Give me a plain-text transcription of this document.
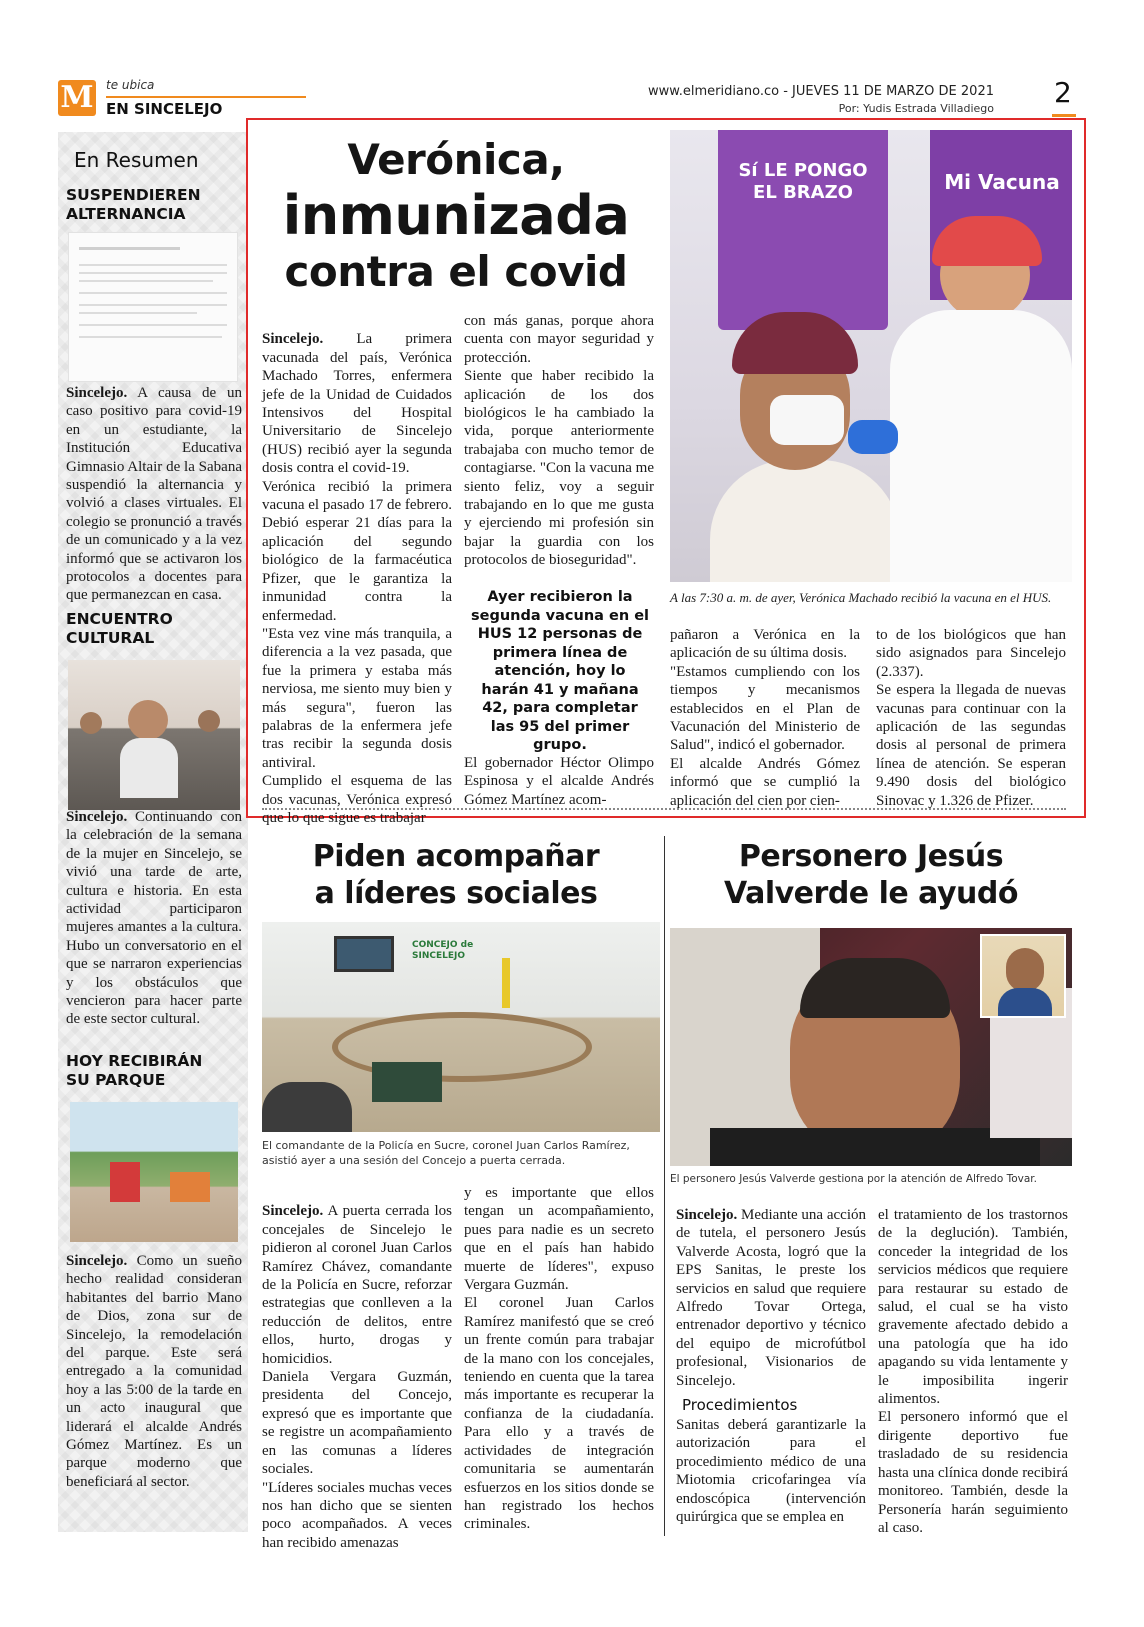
M te ubica
EN SINCELEJO
www.elmeridiano.co - JUEVES 11 DE MARZO DE 2021
Por: Yudis Estrada Villadiego 2
En Resumen
SUSPENDIEREN
ALTERNANCIA

Sincelejo. A causa de un caso positivo para covid-19 en un estudiante, la Institución Educativa Gimnasio Altair de la Sabana suspendió la alternancia y volvió a clases virtuales. El colegio se pronunció a través de un comunicado y a la vez informó que se activaron los protocolos a docentes para que permanezcan en casa.

ENCUENTRO
CULTURAL

Sincelejo. Continuando con la celebración de la semana de la mujer en Sincelejo, se vivió una tarde de arte, cultura e historia. En esta actividad participaron mujeres amantes a la cultura. Hubo un conversatorio en el que se narraron experiencias y los obstáculos que vencieron para hacer parte de este sector cultural.

HOY RECIBIRÁN
SU PARQUE

Sincelejo. Como un sueño hecho realidad consideran habitantes del barrio Mano de Dios, zona sur de Sincelejo, la remodelación del parque. Este será entregado a la comunidad hoy a las 5:00 de la tarde en un acto inaugural que liderará el alcalde Andrés Gómez Martínez. Es un parque moderno que beneficiará al sector.

Verónica,
inmunizada
contra el covid
Sí LE PONGO EL BRAZO	Mi Vacuna
A las 7:30 a. m. de ayer, Verónica Machado recibió la vacuna en el HUS.

Sincelejo. La primera vacunada del país, Verónica Machado Torres, enfermera jefe de la Unidad de Cuidados Intensivos del Hospital Universitario de Sincelejo (HUS) recibió ayer la segunda dosis contra el covid-19.
Verónica recibió la primera vacuna el pasado 17 de febrero. Debió esperar 21 días para la aplicación del segundo biológico de la farmacéutica Pfizer, que le garantiza la inmunidad contra la enfermedad.
"Esta vez vine más tranquila, a diferencia a la vez pasada, que fue la primera y estaba más nerviosa, me siento muy bien y más segura", fueron las palabras de la enfermera jefe tras recibir la segunda dosis antiviral.
Cumplido el esquema de las dos vacunas, Verónica expresó que lo que sigue es trabajar

con más ganas, porque ahora cuenta con mayor seguridad y protección.
Siente que haber recibido la aplicación de los dos biológicos le ha cambiado la vida, porque anteriormente trabajaba con mucho temor de contagiarse. "Con la vacuna me siento feliz, voy a seguir trabajando en lo que me gusta y ejerciendo mi profesión sin bajar la guardia con los protocolos de bioseguridad".

Ayer recibieron la segunda vacuna en el HUS 12 personas de primera línea de atención, hoy lo harán 41 y mañana 42, para completar las 95 del primer grupo.

El gobernador Héctor Olimpo Espinosa y el alcalde Andrés Gómez Martínez acom-

pañaron a Verónica en la aplicación de su última dosis.
"Estamos cumpliendo con los tiempos y mecanismos establecidos en el Plan de Vacunación del Ministerio de Salud", indicó el gobernador.
El alcalde Andrés Gómez informó que se cumplió la aplicación del cien por cien-

to de los biológicos que han sido asignados para Sincelejo (2.337).
Se espera la llegada de nuevas vacunas para continuar con la aplicación de las segundas dosis al personal de primera línea de atención. Se esperan 9.490 dosis del biológico Sinovac y 1.326 de Pfizer.

Piden acompañar
a líderes sociales
CONCEJO de SINCELEJO
El comandante de la Policía en Sucre, coronel Juan Carlos Ramírez, asistió ayer a una sesión del Concejo a puerta cerrada.

Sincelejo. A puerta cerrada los concejales de Sincelejo le pidieron al coronel Juan Carlos Ramírez Chávez, comandante de la Policía en Sucre, reforzar estrategias que conlleven a la reducción de delitos, entre ellos, hurto, drogas y homicidios.
Daniela Vergara Guzmán, presidenta del Concejo, expresó que es importante que se registre un acompañamiento en las comunas a líderes sociales.
"Líderes sociales muchas veces nos han dicho que se sienten poco acompañados. A veces han recibido amenazas

y es importante que ellos tengan un acompañamiento, pues para nadie es un secreto que en el país han habido muerte de líderes", expuso Vergara Guzmán.
El coronel Juan Carlos Ramírez manifestó que se creó un frente común para trabajar de la mano con los concejales, teniendo en cuenta que la tarea más importante es recuperar la confianza de la ciudadanía. Para ello y a través de actividades de integración comunitaria se aumentarán esfuerzos en los sitios donde se han registrado los hechos criminales.

Personero Jesús
Valverde le ayudó
El personero Jesús Valverde gestiona por la atención de Alfredo Tovar.

Sincelejo. Mediante una acción de tutela, el personero Jesús Valverde Acosta, logró que la EPS Sanitas, le preste los servicios en salud que requiere Alfredo Tovar Ortega, entrenador deportivo y técnico del equipo de microfútbol profesional, Visionarios de Sincelejo.

Procedimientos

Sanitas deberá garantizarle la autorización para el procedimiento médico de una Miotomia cricofaringea vía endoscópica (intervención quirúrgica que se emplea en

el tratamiento de los trastornos de la deglución). También, conceder la integridad de los servicios médicos que requiere para restaurar su estado de salud, el cual se ha visto gravemente afectado debido a una patología que ha ido apagando su vida lentamente y le imposibilita ingerir alimentos.
El personero informó que el dirigente deportivo fue trasladado de su residencia hasta una clínica donde recibirá monitoreo. También, desde la Personería harán seguimiento al caso.
